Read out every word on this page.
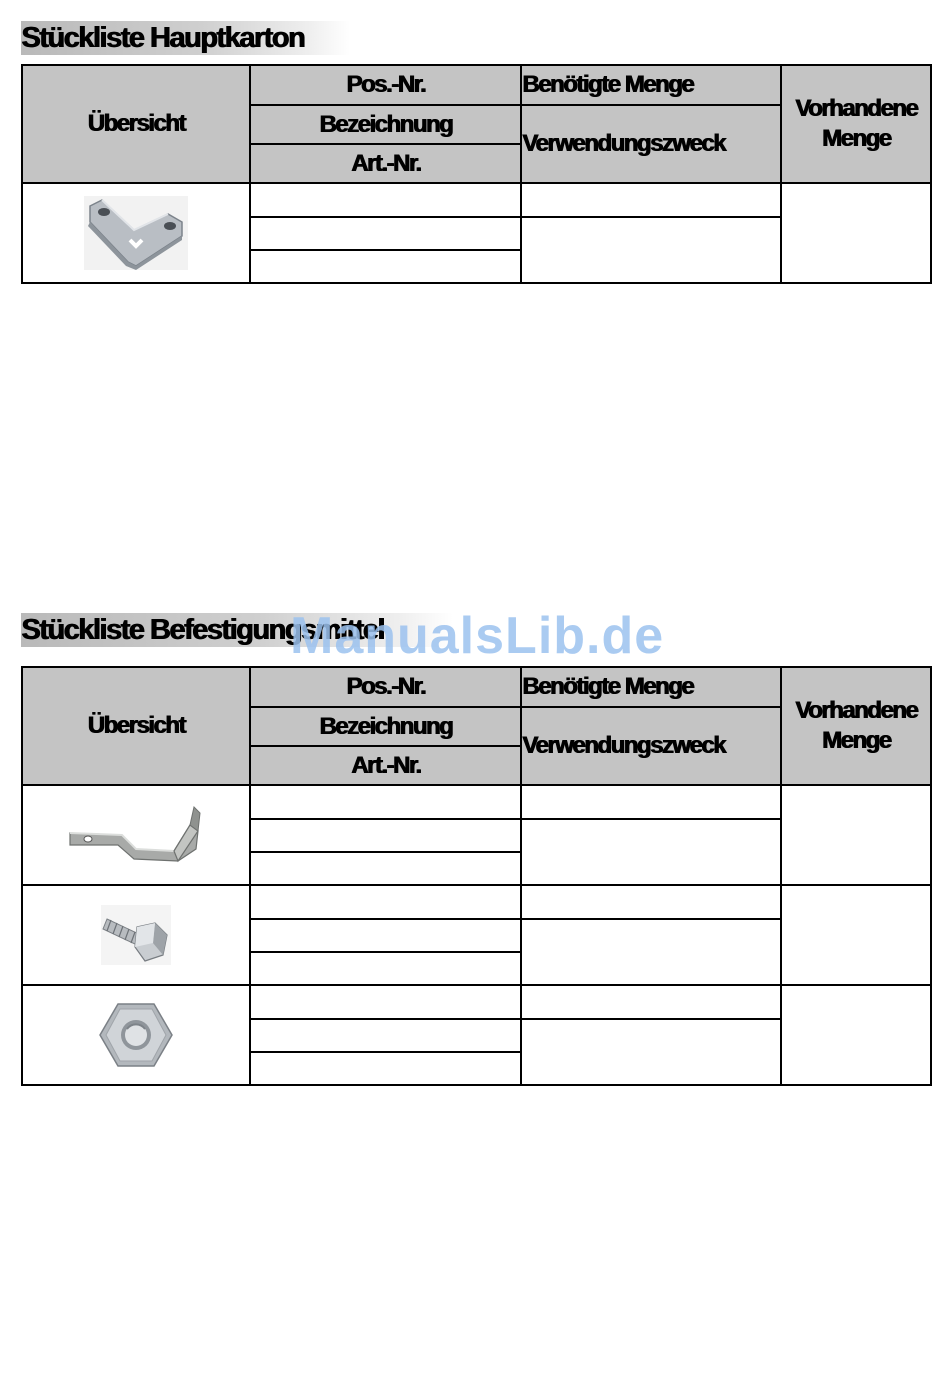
Stückliste Hauptkarton
Übersicht	Pos.-Nr.	Benötigte Menge	Vorhandene Menge
	Bezeichnung	Verwendungszweck	
	Art.-Nr.		

Stückliste Befestigungsmittel
Übersicht	Pos.-Nr.	Benötigte Menge	Vorhandene Menge
	Bezeichnung	Verwendungszweck	
	Art.-Nr.		

ManualsLib.de
